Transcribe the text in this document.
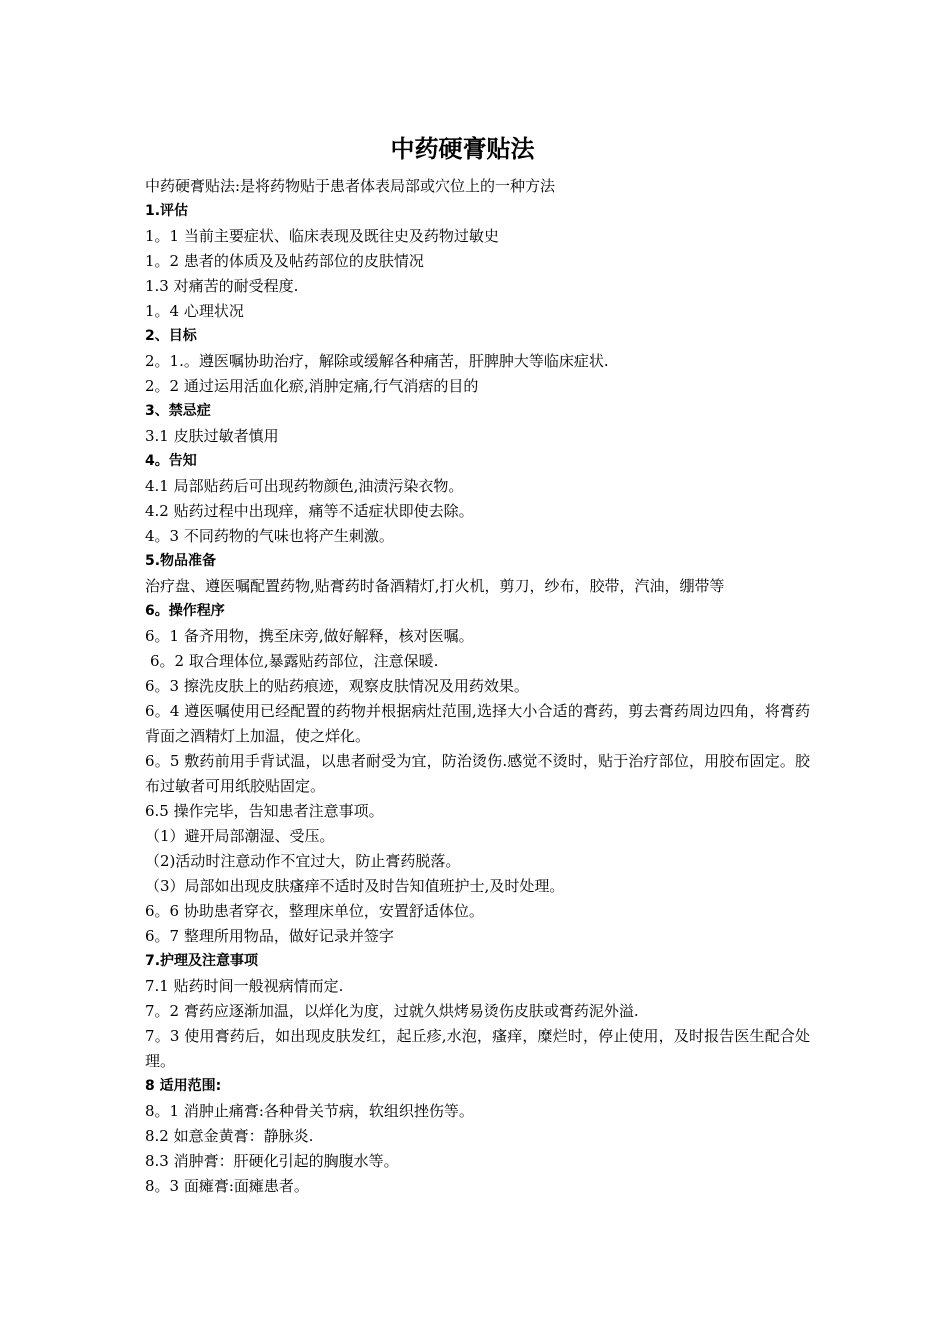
中药硬膏贴法

中药硬膏贴法:是将药物贴于患者体表局部或穴位上的一种方法

1.评估

1。1 当前主要症状、临床表现及既往史及药物过敏史

1。2 患者的体质及及帖药部位的皮肤情况

1.3 对痛苦的耐受程度.

1。4 心理状况

2、目标

2。1.。遵医嘱协助治疗，解除或缓解各种痛苦，肝脾肿大等临床症状.

2。2 通过运用活血化瘀,消肿定痛,行气消痞的目的

3、禁忌症

3.1 皮肤过敏者慎用

4。告知

4.1 局部贴药后可出现药物颜色,油渍污染衣物。

4.2 贴药过程中出现痒，痛等不适症状即使去除。

4。3 不同药物的气味也将产生刺激。

5.物品准备

治疗盘、遵医嘱配置药物,贴膏药时备酒精灯,打火机，剪刀，纱布，胶带，汽油，绷带等

6。操作程序

6。1 备齐用物，携至床旁,做好解释，核对医嘱。

6。2 取合理体位,暴露贴药部位，注意保暖.

6。3 擦洗皮肤上的贴药痕迹，观察皮肤情况及用药效果。

6。4 遵医嘱使用已经配置的药物并根据病灶范围,选择大小合适的膏药，剪去膏药周边四角，将膏药背面之酒精灯上加温，使之烊化。

6。5 敷药前用手背试温，以患者耐受为宜，防治烫伤.感觉不烫时，贴于治疗部位，用胶布固定。胶布过敏者可用纸胶贴固定。

6.5 操作完毕，告知患者注意事项。

（1）避开局部潮湿、受压。

（2)活动时注意动作不宜过大，防止膏药脱落。

（3）局部如出现皮肤瘙痒不适时及时告知值班护士,及时处理。

6。6 协助患者穿衣，整理床单位，安置舒适体位。

6。7 整理所用物品，做好记录并签字

7.护理及注意事项

7.1 贴药时间一般视病情而定.

7。2 膏药应逐渐加温，以烊化为度，过就久烘烤易烫伤皮肤或膏药泥外溢.

7。3 使用膏药后，如出现皮肤发红，起丘疹,水泡，瘙痒，糜烂时，停止使用，及时报告医生配合处理。

8 适用范围:

8。1 消肿止痛膏:各种骨关节病，软组织挫伤等。

8.2 如意金黄膏：静脉炎.

8.3 消肿膏：肝硬化引起的胸腹水等。

8。3 面瘫膏:面瘫患者。
